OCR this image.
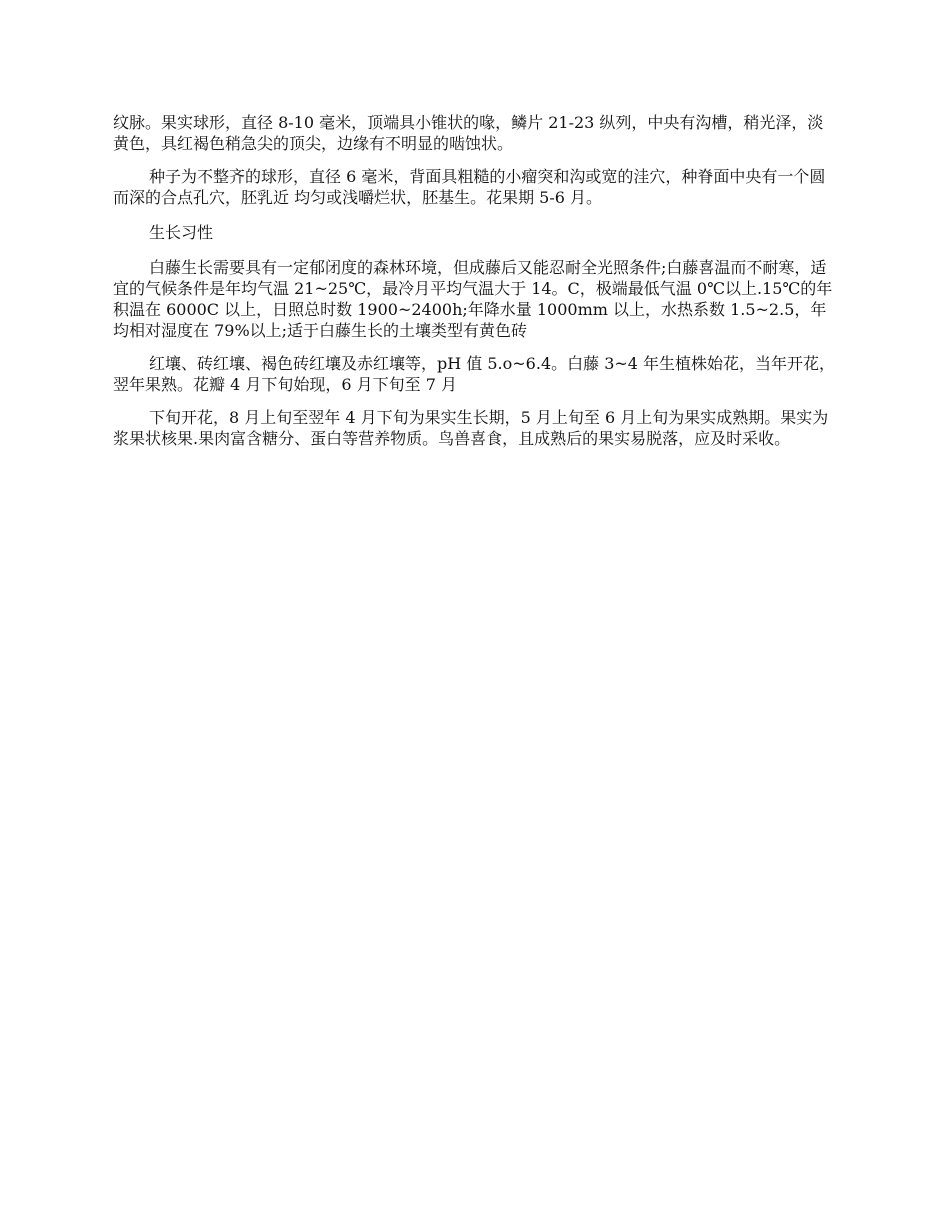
纹脉。果实球形，直径 8-10 毫米，顶端具小锥状的喙，鳞片 21-23 纵列，中央有沟槽，稍光泽，淡黄色，具红褐色稍急尖的顶尖，边缘有不明显的啮蚀状。

种子为不整齐的球形，直径 6 毫米，背面具粗糙的小瘤突和沟或宽的洼穴，种脊面中央有一个圆而深的合点孔穴，胚乳近 均匀或浅嚼烂状，胚基生。花果期 5-6 月。

生长习性

白藤生长需要具有一定郁闭度的森林环境，但成藤后又能忍耐全光照条件;白藤喜温而不耐寒，适宜的气候条件是年均气温 21~25℃，最冷月平均气温大于 14。C，极端最低气温 0℃以上.15℃的年积温在 6000C 以上，日照总时数 1900~2400h;年降水量 1000mm 以上，水热系数 1.5~2.5，年均相对湿度在 79%以上;适于白藤生长的土壤类型有黄色砖

红壤、砖红壤、褐色砖红壤及赤红壤等，pH 值 5.o~6.4。白藤 3~4 年生植株始花，当年开花，翌年果熟。花瓣 4 月下旬始现，6 月下旬至 7 月

下旬开花，8 月上旬至翌年 4 月下旬为果实生长期，5 月上旬至 6 月上旬为果实成熟期。果实为浆果状核果.果肉富含糖分、蛋白等营养物质。鸟兽喜食，且成熟后的果实易脱落，应及时采收。
